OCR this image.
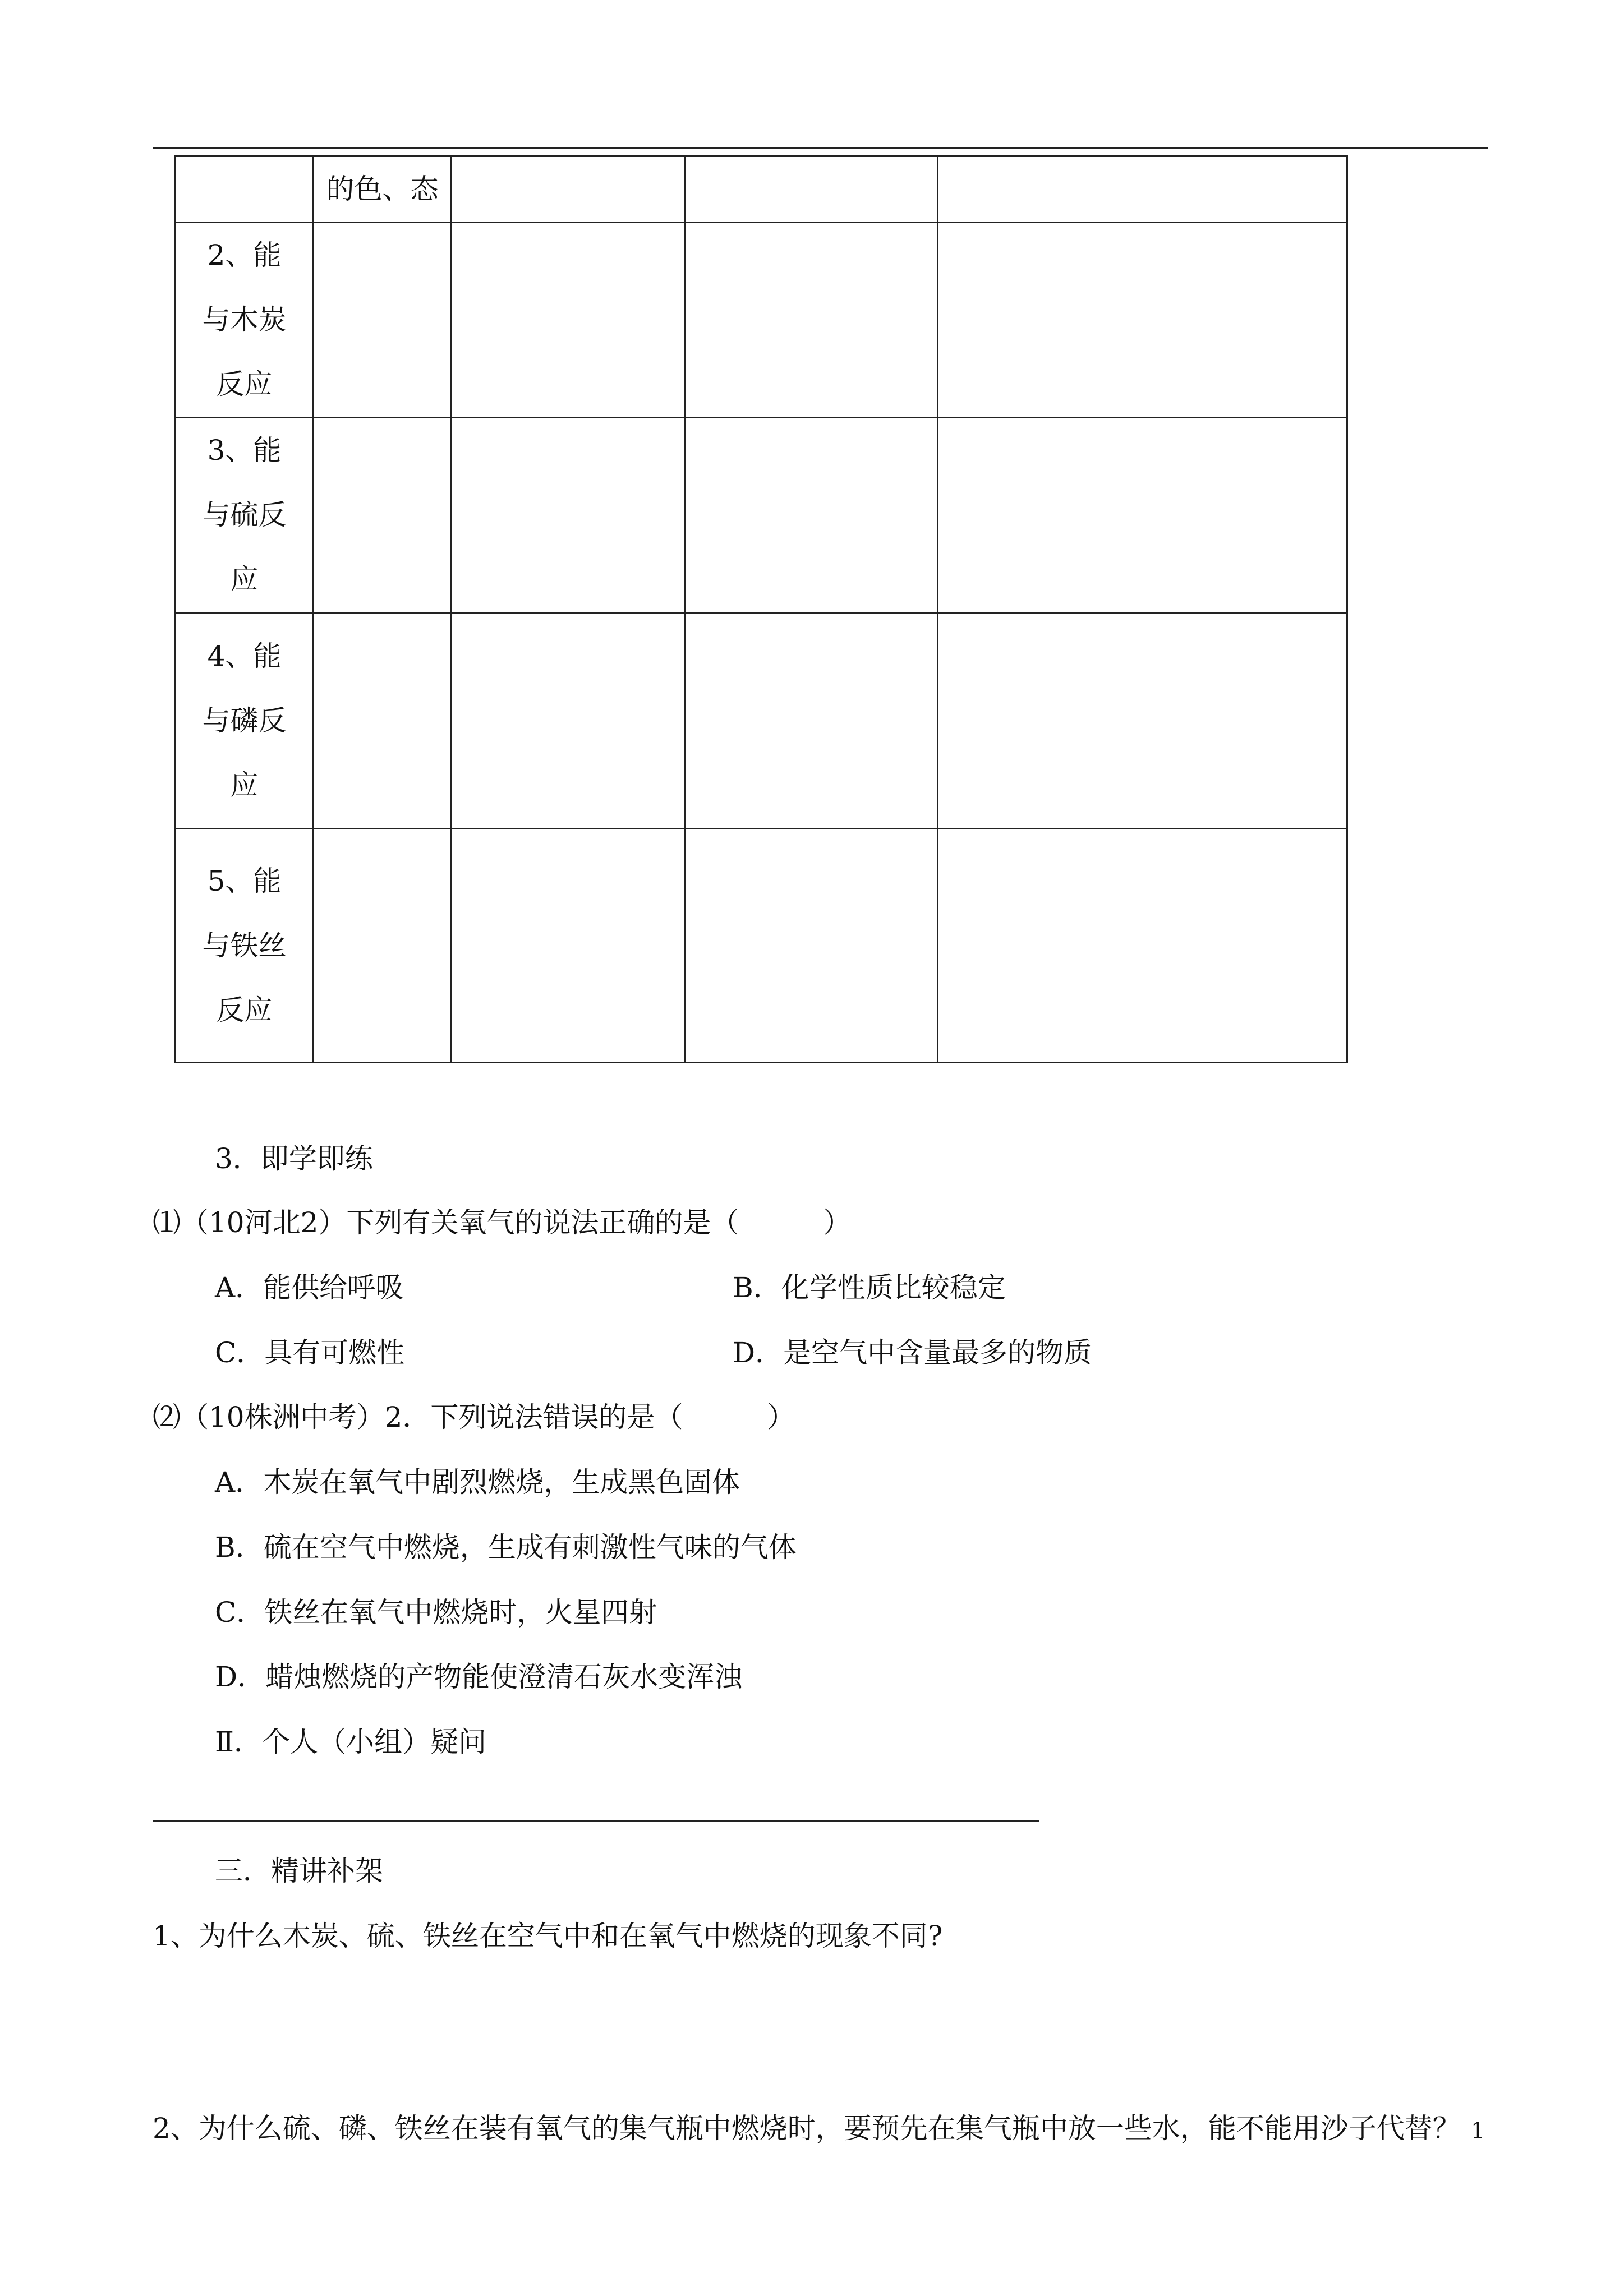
	的色、态			
2、能与木炭反应				
3、能与硫反应				
4、能与磷反应				
5、能与铁丝反应				
3．即学即练
⑴（10河北2）下列有关氧气的说法正确的是（　　　）
A．能供给呼吸	B．化学性质比较稳定
C．具有可燃性	D．是空气中含量最多的物质
⑵（10株洲中考）2．下列说法错误的是（　　　）
A．木炭在氧气中剧烈燃烧，生成黑色固体
B．硫在空气中燃烧，生成有刺激性气味的气体
C．铁丝在氧气中燃烧时，火星四射
D．蜡烛燃烧的产物能使澄清石灰水变浑浊
Ⅱ．个人（小组）疑问
三．精讲补架
1、为什么木炭、硫、铁丝在空气中和在氧气中燃烧的现象不同?
2、为什么硫、磷、铁丝在装有氧气的集气瓶中燃烧时，要预先在集气瓶中放一些水，能不能用沙子代替？ 1
